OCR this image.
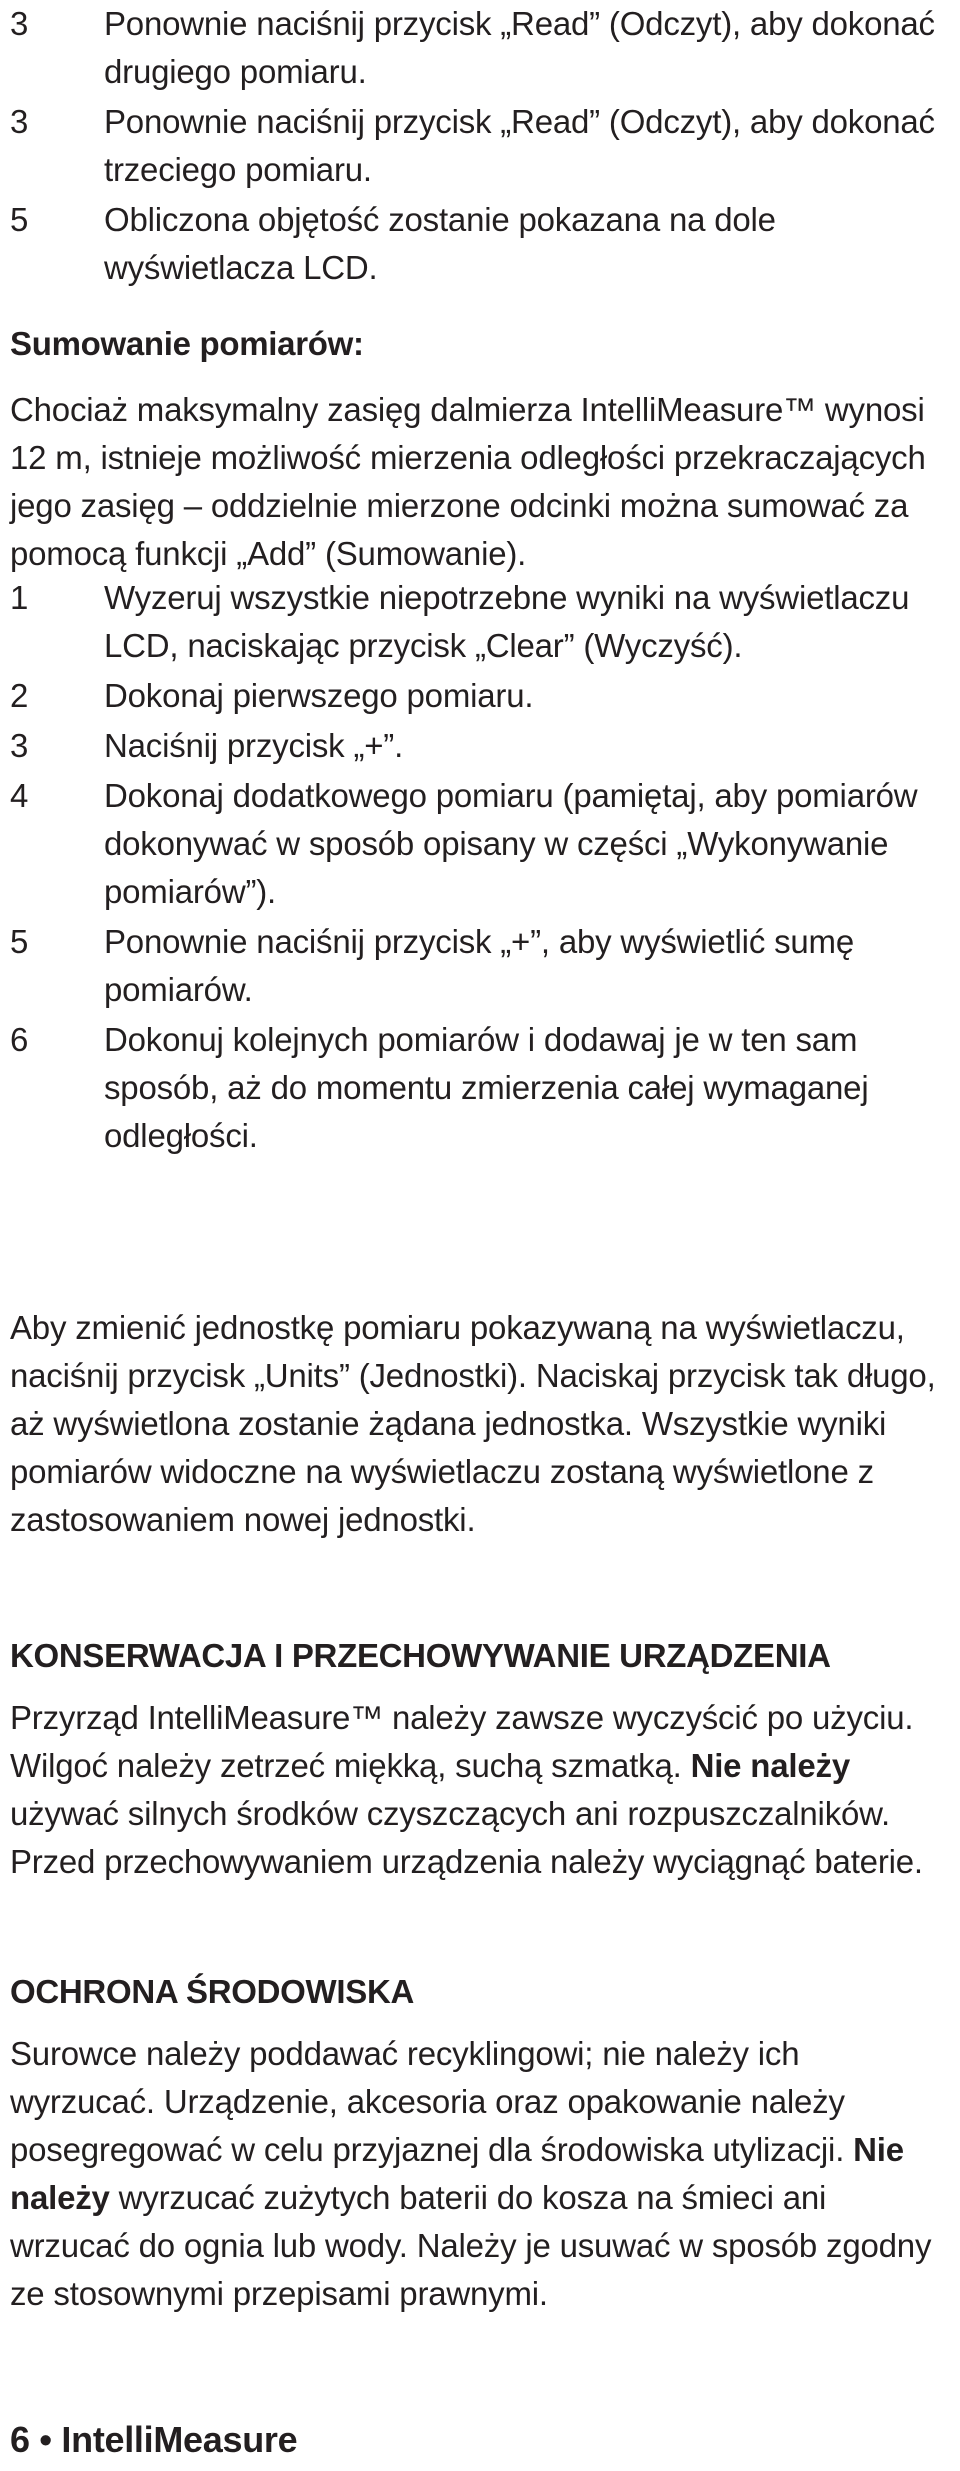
3	Ponownie naciśnij przycisk „Read” (Odczyt), aby dokonać drugiego pomiaru.
3	Ponownie naciśnij przycisk „Read” (Odczyt), aby dokonać trzeciego pomiaru.
5	Obliczona objętość zostanie pokazana na dole wyświetlacza LCD.
Sumowanie pomiarów:

Chociaż maksymalny zasięg dalmierza IntelliMeasure™ wynosi 12 m, istnieje możliwość mierzenia odległości przekraczających jego zasięg – oddzielnie mierzone odcinki można sumować za pomocą funkcji „Add” (Sumowanie).

1	Wyzeruj wszystkie niepotrzebne wyniki na wyświetlaczu LCD, naciskając przycisk „Clear” (Wyczyść).
2	Dokonaj pierwszego pomiaru.
3	Naciśnij przycisk „+”.
4	Dokonaj dodatkowego pomiaru (pamiętaj, aby pomiarów dokonywać w sposób opisany w części „Wykonywanie pomiarów”).
5	Ponownie naciśnij przycisk „+”, aby wyświetlić sumę pomiarów.
6	Dokonuj kolejnych pomiarów i dodawaj je w ten sam sposób, aż do momentu zmierzenia całej wymaganej odległości.

Aby zmienić jednostkę pomiaru pokazywaną na wyświetlaczu, naciśnij przycisk „Units” (Jednostki). Naciskaj przycisk tak długo, aż wyświetlona zostanie żądana jednostka. Wszystkie wyniki pomiarów widoczne na wyświetlaczu zostaną wyświetlone z zastosowaniem nowej jednostki.

KONSERWACJA I PRZECHOWYWANIE URZĄDZENIA

Przyrząd IntelliMeasure™ należy zawsze wyczyścić po użyciu. Wilgoć należy zetrzeć miękką, suchą szmatką. Nie należy używać silnych środków czyszczących ani rozpuszczalników. Przed przechowywaniem urządzenia należy wyciągnąć baterie.

OCHRONA ŚRODOWISKA

Surowce należy poddawać recyklingowi; nie należy ich wyrzucać. Urządzenie, akcesoria oraz opakowanie należy posegregować w celu przyjaznej dla środowiska utylizacji. Nie należy wyrzucać zużytych baterii do kosza na śmieci ani wrzucać do ognia lub wody. Należy je usuwać w sposób zgodny ze stosownymi przepisami prawnymi.

6 • IntelliMeasure
